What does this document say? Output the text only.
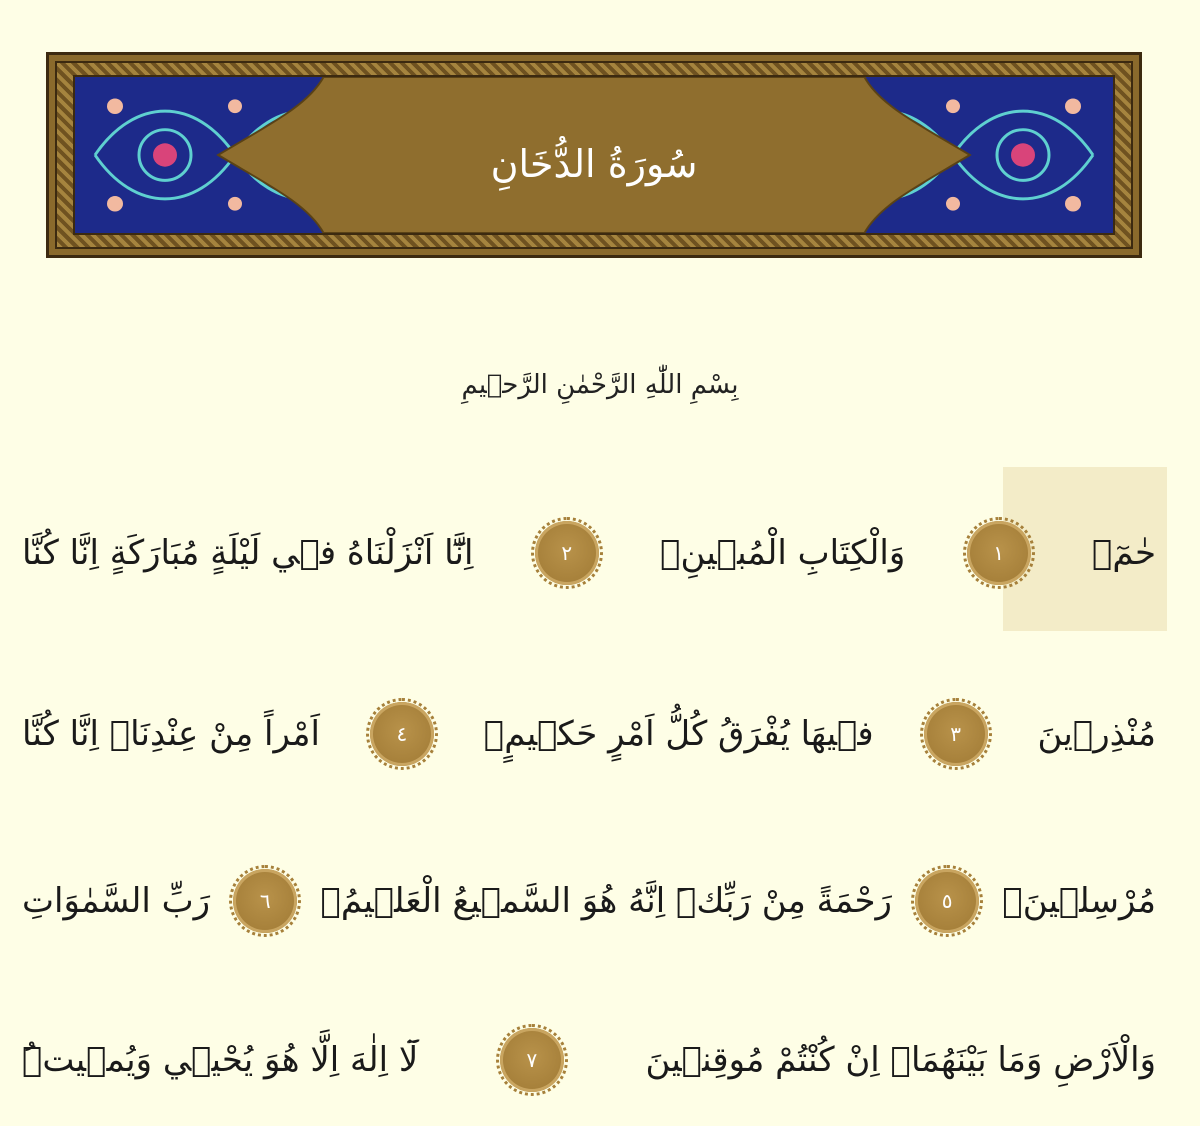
سُورَةُ الدُّخَانِ
بِسْمِ اللّٰهِ الرَّحْمٰنِ الرَّح۪يمِ
حٰمٓۚ
١
وَالْكِتَابِ الْمُب۪ينِۙ
٢
اِنَّٓا اَنْزَلْنَاهُ ف۪ي لَيْلَةٍ مُبَارَكَةٍ اِنَّا كُنَّا
مُنْذِر۪ينَ
٣
ف۪يهَا يُفْرَقُ كُلُّ اَمْرٍ حَك۪يمٍۙ
٤
اَمْراً مِنْ عِنْدِنَاۜ اِنَّا كُنَّا
مُرْسِل۪ينَۚ
٥
رَحْمَةً مِنْ رَبِّكَۜ اِنَّهُ هُوَ السَّم۪يعُ الْعَل۪يمُۙ
٦
رَبِّ السَّمٰوَاتِ
وَالْاَرْضِ وَمَا بَيْنَهُمَاۢ اِنْ كُنْتُمْ مُوقِن۪ينَ
٧
لَٓا اِلٰهَ اِلَّا هُوَ يُحْي۪ي وَيُم۪يتُۜ
